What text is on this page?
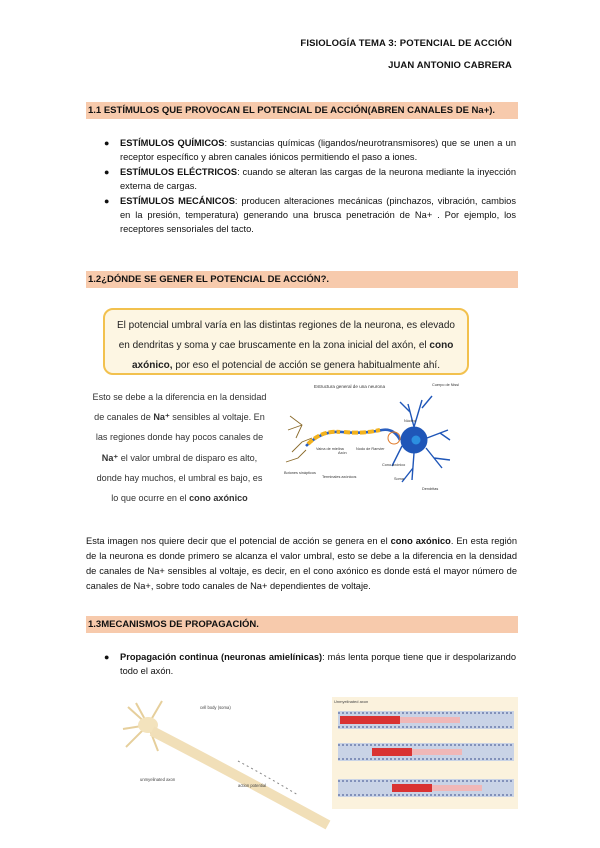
FISIOLOGÍA TEMA 3: POTENCIAL DE ACCIÓN
JUAN ANTONIO CABRERA
1.1 ESTÍMULOS QUE PROVOCAN EL POTENCIAL DE ACCIÓN(ABREN CANALES DE Na+).
● ESTÍMULOS QUÍMICOS: sustancias químicas (ligandos/neurotransmisores) que se unen a un receptor específico y abren canales iónicos permitiendo el paso a iones.
● ESTÍMULOS ELÉCTRICOS: cuando se alteran las cargas de la neurona mediante la inyección externa de cargas.
● ESTÍMULOS MECÁNICOS: producen alteraciones mecánicas (pinchazos, vibración, cambios en la presión, temperatura) generando una brusca penetración de Na+ . Por ejemplo, los receptores sensoriales del tacto.
1.2¿DÓNDE SE GENER EL POTENCIAL DE ACCIÓN?.
El potencial umbral varía en las distintas regiones de la neurona, es elevado en dendritas y soma y cae bruscamente en la zona inicial del axón, el cono axónico, por eso el potencial de acción se genera habitualmente ahí.
Esto se debe a la diferencia en la densidad de canales de Na⁺ sensibles al voltaje. En las regiones donde hay pocos canales de Na⁺ el valor umbral de disparo es alto, donde hay muchos, el umbral es bajo, es lo que ocurre en el cono axónico
Estructura general de una neurona	Cuerpo de Nissl
Vaina de mielina
Axón
Terminales axónicos
Nodo de Ranvier
Cono axónico
Núcleo
Soma
Dendritas
Botones sinápticos
Esta imagen nos quiere decir que el potencial de acción se genera en el cono axónico. En esta región de la neurona es donde primero se alcanza el valor umbral, esto se debe a la diferencia en la densidad de canales de Na+ sensibles al voltaje, es decir, en el cono axónico es donde está el mayor número de canales de Na+, sobre todo canales de Na+ dependientes de voltaje.
1.3MECANISMOS DE PROPAGACIÓN.
● Propagación continua (neuronas amielínicas): más lenta porque tiene que ir despolarizando todo el axón.
cell body (soma)
unmyelinated axon
action potential
Unmyelinated axon
